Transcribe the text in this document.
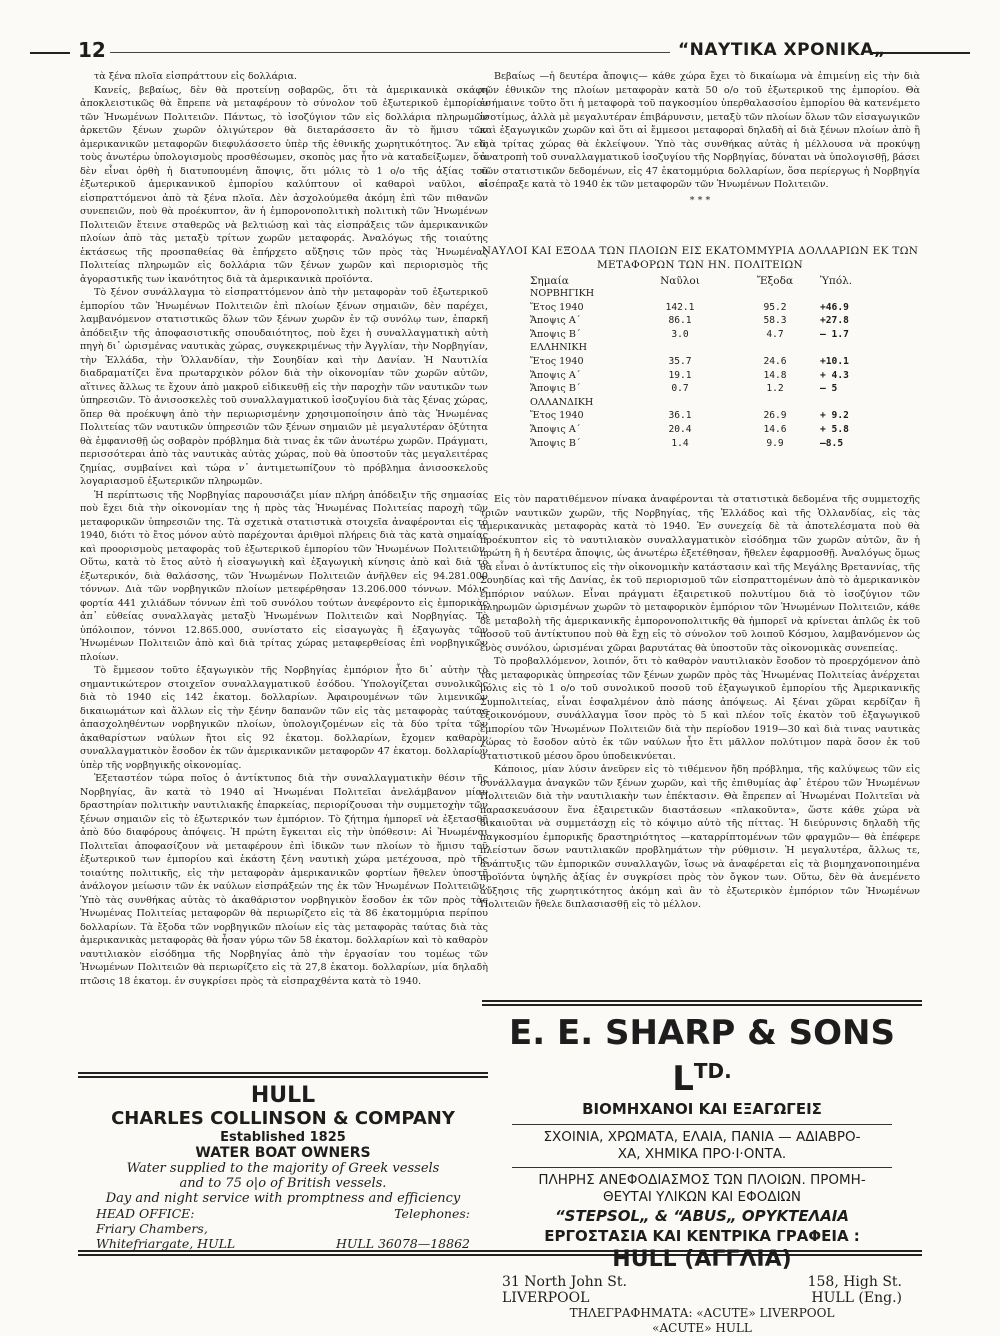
12	“ΝΑΥΤΙΚΑ ΧΡΟΝΙΚΑ„

τὰ ξένα πλοῖα εἰσπράττουν εἰς δολλάρια.

Κανείς, βεβαίως, δὲν θὰ προτείνῃ σοβαρῶς, ὅτι τὰ ἀμερικανικὰ σκάφη ἀποκλειστικῶς θὰ ἔπρεπε νὰ μεταφέρουν τὸ σύνολον τοῦ ἐξωτερικοῦ ἐμπορίου τῶν Ἡνωμένων Πολιτειῶν. Πάντως, τὸ ἰσοζύγιον τῶν εἰς δολλάρια πληρωμῶν ἀρκετῶν ξένων χωρῶν ὀλιγώτερον θὰ διεταράσσετο ἂν τὸ ἥμισυ τῶν ἀμερικανικῶν μεταφορῶν διεφυλάσσετο ὑπὲρ τῆς ἐθνικῆς χωρητικότητος. Ἂν εἰς τοὺς ἀνωτέρω ὑπολογισμοὺς προσθέσωμεν, σκοπὸς μας ἦτο νὰ καταδείξωμεν, ὅτι δὲν εἶναι ὀρθὴ ἡ διατυπουμένη ἄποψις, ὅτι μόλις τὸ 1 ο/ο τῆς ἀξίας τοῦ ἐξωτερικοῦ ἀμερικανικοῦ ἐμπορίου καλύπτουν οἱ καθαροὶ ναῦλοι, οἱ εἰσπραττόμενοι ἀπὸ τὰ ξένα πλοῖα. Δὲν ἀσχολούμεθα ἀκόμη ἐπὶ τῶν πιθανῶν συνεπειῶν, ποὺ θὰ προέκυπτον, ἂν ἡ ἐμπορονοπολιτικὴ πολιτικὴ τῶν Ἡνωμένων Πολιτειῶν ἔτεινε σταθερῶς νὰ βελτιώσῃ καὶ τὰς εἰσπράξεις τῶν ἀμερικανικῶν πλοίων ἀπὸ τὰς μεταξὺ τρίτων χωρῶν μεταφοράς. Ἀναλόγως τῆς τοιαύτης ἐκτάσεως τῆς προσπαθείας θὰ ἐπήρχετο αὔξησις τῶν πρὸς τὰς Ἡνωμένας Πολιτείας πληρωμῶν εἰς δολλάρια τῶν ξένων χωρῶν καὶ περιορισμὸς τῆς ἀγοραστικῆς των ἱκανότητος διὰ τὰ ἀμερικανικὰ προϊόντα.

Τὸ ξένον συνάλλαγμα τὸ εἰσπραττόμενον ἀπὸ τὴν μεταφορὰν τοῦ ἐξωτερικοῦ ἐμπορίου τῶν Ἡνωμένων Πολιτειῶν ἐπὶ πλοίων ξένων σημαιῶν, δὲν παρέχει, λαμβανόμενον στατιστικῶς ὅλων τῶν ξένων χωρῶν ἐν τῷ συνόλῳ των, ἐπαρκῆ ἀπόδειξιν τῆς ἀποφασιστικῆς σπουδαιότητος, ποὺ ἔχει ἡ συναλλαγματικὴ αὐτὴ πηγὴ δι᾽ ὡρισμένας ναυτικὰς χώρας, συγκεκριμένως τὴν Ἀγγλίαν, τὴν Νορβηγίαν, τὴν Ἑλλάδα, τὴν Ὁλλανδίαν, τὴν Σουηδίαν καὶ τὴν Δανίαν. Ἡ Ναυτιλία διαδραματίζει ἕνα πρωταρχικὸν ρόλον διὰ τὴν οἰκονομίαν τῶν χωρῶν αὐτῶν, αἵτινες ἄλλως τε ἔχουν ἀπὸ μακροῦ εἰδικευθῇ εἰς τὴν παροχὴν τῶν ναυτικῶν των ὑπηρεσιῶν. Τὸ ἀνισοσκελὲς τοῦ συναλλαγματικοῦ ἰσοζυγίου διὰ τὰς ξένας χώρας, ὅπερ θὰ προέκυψη ἀπὸ τὴν περιωρισμένην χρησιμοποίησιν ἀπὸ τὰς Ἡνωμένας Πολιτείας τῶν ναυτικῶν ὑπηρεσιῶν τῶν ξένων σημαιῶν μὲ μεγαλυτέραν ὀξύτητα θὰ ἐμφανισθῇ ὡς σοβαρὸν πρόβλημα διὰ τινας ἐκ τῶν ἀνωτέρω χωρῶν. Πράγματι, περισσότεραι ἀπὸ τὰς ναυτικὰς αὐτὰς χώρας, ποὺ θὰ ὑποστοῦν τὰς μεγαλειτέρας ζημίας, συμβαίνει καὶ τώρα ν᾽ ἀντιμετωπίζουν τὸ πρόβλημα ἀνισοσκελοῦς λογαριασμοῦ ἐξωτερικῶν πληρωμῶν.

Ἡ περίπτωσις τῆς Νορβηγίας παρουσιάζει μίαν πλήρη ἀπόδειξιν τῆς σημασίας ποὺ ἔχει διὰ τὴν οἰκονομίαν της ἡ πρὸς τὰς Ἡνωμένας Πολιτείας παροχὴ τῶν μεταφορικῶν ὑπηρεσιῶν της. Τὰ σχετικὰ στατιστικὰ στοιχεῖα ἀναφέρονται εἰς τὸ 1940, διότι τὸ ἔτος μόνον αὐτὸ παρέχονται ἀριθμοὶ πλήρεις διὰ τὰς κατὰ σημαίας καὶ προορισμοὺς μεταφορὰς τοῦ ἐξωτερικοῦ ἐμπορίου τῶν Ἡνωμένων Πολιτειῶν. Οὕτω, κατὰ τὸ ἔτος αὐτὸ ἡ εἰσαγωγικὴ καὶ ἐξαγωγικὴ κίνησις ἀπὸ καὶ διὰ τὸ ἐξωτερικόν, διὰ θαλάσσης, τῶν Ἡνωμένων Πολιτειῶν ἀνῆλθεν εἰς 94.281.000 τόννων. Διὰ τῶν νορβηγικῶν πλοίων μετεφέρθησαν 13.206.000 τόννων. Μόλις φορτία 441 χιλιάδων τόννων ἐπὶ τοῦ συνόλου τούτων ἀνεφέροντο εἰς ἐμπορικὰς ἀπ᾽ εὐθείας συναλλαγὰς μεταξὺ Ἡνωμένων Πολιτειῶν καὶ Νορβηγίας. Τὸ ὑπόλοιπον, τόννοι 12.865.000, συνίστατο εἰς εἰσαγωγὰς ἢ ἐξαγωγὰς τῶν Ἡνωμένων Πολιτειῶν ἀπὸ καὶ διὰ τρίτας χώρας μεταφερθείσας ἐπὶ νορβηγικῶν πλοίων.

Τὸ ἔμμεσον τοῦτο ἐξαγωγικὸν τῆς Νορβηγίας ἐμπόριον ἦτο δι᾽ αὐτὴν τὸ σημαντικώτερον στοιχεῖον συναλλαγματικοῦ ἐσόδου. Ὑπολογίζεται συνολικῶς διὰ τὸ 1940 εἰς 142 ἑκατομ. δολλαρίων. Ἀφαιρουμένων τῶν λιμενικῶν δικαιωμάτων καὶ ἄλλων εἰς τὴν ξένην δαπανῶν τῶν εἰς τὰς μεταφορὰς ταύτας ἀπασχοληθέντων νορβηγικῶν πλοίων, ὑπολογιζομένων εἰς τὰ δύο τρίτα τῶν ἀκαθαρίστων ναύλων ἤτοι εἰς 92 ἑκατομ. δολλαρίων, ἔχομεν καθαρὸν συναλλαγματικὸν ἔσοδον ἐκ τῶν ἀμερικανικῶν μεταφορῶν 47 ἑκατομ. δολλαρίων ὑπὲρ τῆς νορβηγικῆς οἰκονομίας.

Ἐξεταστέον τώρα ποῖος ὁ ἀντίκτυπος διὰ τὴν συναλλαγματικὴν θέσιν τῆς Νορβηγίας, ἂν κατὰ τὸ 1940 αἱ Ἡνωμέναι Πολιτεῖαι ἀνελάμβανον μίαν δραστηρίαν πολιτικὴν ναυτιλιακῆς ἐπαρκείας, περιορίζουσαι τὴν συμμετοχὴν τῶν ξένων σημαιῶν εἰς τὸ ἐξωτερικόν των ἐμπόριον. Τὸ ζήτημα ἠμπορεῖ νὰ ἐξετασθῇ ἀπὸ δύο διαφόρους ἀπόψεις. Ἡ πρώτη ἔγκειται εἰς τὴν ὑπόθεσιν: Αἱ Ἡνωμέναι Πολιτεῖαι ἀποφασίζουν νὰ μεταφέρουν ἐπὶ ἰδικῶν των πλοίων τὸ ἥμισυ τοῦ ἐξωτερικοῦ των ἐμπορίου καὶ ἑκάστη ξένη ναυτικὴ χώρα μετέχουσα, πρὸ τῆς τοιαύτης πολιτικῆς, εἰς τὴν μεταφορὰν ἀμερικανικῶν φορτίων ἤθελεν ὑποστῇ ἀνάλογον μείωσιν τῶν ἐκ ναύλων εἰσπράξεών της ἐκ τῶν Ἡνωμένων Πολιτειῶν. Ὑπὸ τὰς συνθήκας αὐτὰς τὸ ἀκαθάριστον νορβηγικὸν ἔσοδον ἐκ τῶν πρὸς τὰς Ἡνωμένας Πολιτείας μεταφορῶν θὰ περιωρίζετο εἰς τὰ 86 ἑκατομμύρια περίπου δολλαρίων. Τὰ ἔξοδα τῶν νορβηγικῶν πλοίων εἰς τὰς μεταφορὰς ταύτας διὰ τὰς ἀμερικανικὰς μεταφορὰς θὰ ἦσαν γύρω τῶν 58 ἑκατομ. δολλαρίων καὶ τὸ καθαρὸν ναυτιλιακὸν εἰσόδημα τῆς Νορβηγίας ἀπὸ τὴν ἐργασίαν του τομέως τῶν Ἡνωμένων Πολιτειῶν θὰ περιωρίζετο εἰς τὰ 27,8 ἑκατομ. δολλαρίων, μία δηλαδὴ πτῶσις 18 ἑκατομ. ἐν συγκρίσει πρὸς τὰ εἰσπραχθέντα κατὰ τὸ 1940.

Βεβαίως —ἡ δευτέρα ἄποψις— κάθε χώρα ἔχει τὸ δικαίωμα νὰ ἐπιμείνῃ εἰς τὴν διὰ τῶν ἐθνικῶν της πλοίων μεταφορὰν κατὰ 50 ο/ο τοῦ ἐξωτερικοῦ της ἐμπορίου. Θὰ ἐσήμαινε τοῦτο ὅτι ἡ μεταφορὰ τοῦ παγκοσμίου ὑπερθαλασσίου ἐμπορίου θὰ κατενέμετο ἰσοτίμως, ἀλλὰ μὲ μεγαλυτέραν ἐπιβάρυνσιν, μεταξὺ τῶν πλοίων ὅλων τῶν εἰσαγωγικῶν καὶ ἐξαγωγικῶν χωρῶν καὶ ὅτι αἱ ἔμμεσοι μεταφοραὶ δηλαδὴ αἱ διὰ ξένων πλοίων ἀπὸ ἢ διὰ τρίτας χώρας θὰ ἐκλείψουν. Ὑπὸ τὰς συνθήκας αὐτὰς ἡ μέλλουσα νὰ προκύψῃ ἀνατροπὴ τοῦ συναλλαγματικοῦ ἰσοζυγίου τῆς Νορβηγίας, δύναται νὰ ὑπολογισθῇ, βάσει τῶν στατιστικῶν δεδομένων, εἰς 47 ἑκατομμύρια δολλαρίων, ὅσα περίεργως ἡ Νορβηγία εἰσέπραξε κατὰ τὸ 1940 ἐκ τῶν μεταφορῶν τῶν Ἡνωμένων Πολιτειῶν.

* * *
ΝΑΥΛΟΙ ΚΑΙ ΕΞΟΔΑ ΤΩΝ ΠΛΟΙΩΝ ΕΙΣ ΕΚΑΤΟΜΜΥΡΙΑ ΔΟΛΛΑΡΙΩΝ ΕΚ ΤΩΝ ΜΕΤΑΦΟΡΩΝ ΤΩΝ ΗΝ. ΠΟΛΙΤΕΙΩΝ
Σημαία	Ναῦλοι	Ἔξοδα	Ὑπόλ.
ΝΟΡΒΗΓΙΚΗ
Ἔτος 1940	142.1	95.2	+46.9
Ἄποψις Α΄	86.1	58.3	+27.8
Ἄποψις Β΄	3.0	4.7	— 1.7
ΕΛΛΗΝΙΚΗ
Ἔτος 1940	35.7	24.6	+10.1
Ἄποψις Α΄	19.1	14.8	+ 4.3
Ἄποψις Β΄	0.7	1.2	— 5
ΟΛΛΑΝΔΙΚΗ
Ἔτος 1940	36.1	26.9	+ 9.2
Ἄποψις Α΄	20.4	14.6	+ 5.8
Ἄποψις Β΄	1.4	9.9	—8.5

Εἰς τὸν παρατιθέμενον πίνακα ἀναφέρονται τὰ στατιστικὰ δεδομένα τῆς συμμετοχῆς τριῶν ναυτικῶν χωρῶν, τῆς Νορβηγίας, τῆς Ἑλλάδος καὶ τῆς Ὁλλανδίας, εἰς τὰς ἀμερικανικὰς μεταφορὰς κατὰ τὸ 1940. Ἐν συνεχείᾳ δὲ τὰ ἀποτελέσματα ποὺ θὰ προέκυπτον εἰς τὸ ναυτιλιακὸν συναλλαγματικὸν εἰσόδημα τῶν χωρῶν αὐτῶν, ἂν ἡ πρώτη ἢ ἡ δευτέρα ἄποψις, ὡς ἀνωτέρω ἐξετέθησαν, ἤθελεν ἐφαρμοσθῇ. Ἀναλόγως ὅμως θὰ εἶναι ὁ ἀντίκτυπος εἰς τὴν οἰκονομικὴν κατάστασιν καὶ τῆς Μεγάλης Βρεταννίας, τῆς Σουηδίας καὶ τῆς Δανίας, ἐκ τοῦ περιορισμοῦ τῶν εἰσπραττομένων ἀπὸ τὸ ἀμερικανικὸν ἐμπόριον ναύλων. Εἶναι πράγματι ἐξαιρετικοῦ πολυτίμου διὰ τὸ ἰσοζύγιον τῶν πληρωμῶν ὡρισμένων χωρῶν τὸ μεταφορικὸν ἐμπόριον τῶν Ἡνωμένων Πολιτειῶν, κάθε δὲ μεταβολὴ τῆς ἀμερικανικῆς ἐμπορονοπολιτικῆς θὰ ἠμπορεῖ νὰ κρίνεται ἁπλῶς ἐκ τοῦ ποσοῦ τοῦ ἀντίκτυπου ποὺ θὰ ἔχῃ εἰς τὸ σύνολον τοῦ λοιποῦ Κόσμου, λαμβανόμενον ὡς ἑνὸς συνόλου, ὡρισμέναι χῶραι βαρυτάτας θὰ ὑποστοῦν τὰς οἰκονομικὰς συνεπείας.

Τὸ προβαλλόμενον, λοιπόν, ὅτι τὸ καθαρὸν ναυτιλιακὸν ἔσοδον τὸ προερχόμενον ἀπὸ τὰς μεταφορικὰς ὑπηρεσίας τῶν ξένων χωρῶν πρὸς τὰς Ἡνωμένας Πολιτείας ἀνέρχεται μόλις εἰς τὸ 1 ο/ο τοῦ συνολικοῦ ποσοῦ τοῦ ἐξαγωγικοῦ ἐμπορίου τῆς Ἀμερικανικῆς Συμπολιτείας, εἶναι ἐσφαλμένον ἀπὸ πάσης ἀπόψεως. Αἱ ξέναι χῶραι κερδίζαν ἢ ἐξοικονόμουν, συνάλλαγμα ἴσον πρὸς τὸ 5 καὶ πλέον τοῖς ἑκατὸν τοῦ ἐξαγωγικοῦ ἐμπορίου τῶν Ἡνωμένων Πολιτειῶν διὰ τὴν περίοδον 1919—30 καὶ διὰ τινας ναυτικὰς χώρας τὸ ἔσοδον αὐτὸ ἐκ τῶν ναύλων ἦτο ἔτι μᾶλλον πολύτιμον παρὰ ὅσον ἐκ τοῦ στατιστικοῦ μέσου ὅρου ὑποδεικνύεται.

Κάποιος, μίαν λύσιν ἀνεῦρεν εἰς τὸ τιθέμενον ἤδη πρόβλημα, τῆς καλύψεως τῶν εἰς συνάλλαγμα ἀναγκῶν τῶν ξένων χωρῶν, καὶ τῆς ἐπιθυμίας ἀφ᾽ ἑτέρου τῶν Ἡνωμένων Πολιτειῶν διὰ τὴν ναυτιλιακὴν των ἐπέκτασιν. Θὰ ἔπρεπεν αἱ Ἡνωμέναι Πολιτεῖαι νὰ παρασκευάσουν ἕνα ἐξαιρετικῶν διαστάσεων «πλακοῦντα», ὥστε κάθε χώρα νὰ δικαιοῦται νὰ συμμετάσχῃ εἰς τὸ κόψιμο αὐτὸ τῆς πίττας. Ἡ διεύρυνσις δηλαδὴ τῆς παγκοσμίου ἐμπορικῆς δραστηριότητος —καταρρίπτομένων τῶν φραγμῶν— θὰ ἐπέφερε πλείστων ὅσων ναυτιλιακῶν προβλημάτων τὴν ρύθμισιν. Ἡ μεγαλυτέρα, ἄλλως τε, ἀνάπτυξις τῶν ἐμπορικῶν συναλλαγῶν, ἴσως νὰ ἀναφέρεται εἰς τὰ βιομηχανοποιημένα προϊόντα ὑψηλῆς ἀξίας ἐν συγκρίσει πρὸς τὸν ὄγκον των. Οὕτω, δὲν θὰ ἀνεμένετο αὔξησις τῆς χωρητικότητος ἀκόμη καὶ ἂν τὸ ἐξωτερικὸν ἐμπόριον τῶν Ἡνωμένων Πολιτειῶν ἤθελε διπλασιασθῇ εἰς τὸ μέλλον.

HULL
CHARLES COLLINSON & COMPANY
Established 1825
WATER BOAT OWNERS
Water supplied to the majority of Greek vessels
and to 75 o|o of British vessels.
Day and night service with promptness and efficiency
HEAD OFFICE:	Telephones:
Friary Chambers,
Whitefriargate, HULL	HULL 36078—18862
E. E. SHARP & SONS $L^{TD.}$
ΒΙΟΜΗΧΑΝΟΙ ΚΑΙ ΕΞΑΓΩΓΕΙΣ
ΣΧΟΙΝΙΑ, ΧΡΩΜΑΤΑ, ΕΛΑΙΑ, ΠΑΝΙΑ — ΑΔΙΑΒΡΟ-
ΧΑ, ΧΗΜΙΚΑ ΠΡΟ·Ι·ΟΝΤΑ.
ΠΛΗΡΗΣ ΑΝΕΦΟΔΙΑΣΜΟΣ ΤΩΝ ΠΛΟΙΩΝ. ΠΡΟΜΗ-
ΘΕΥΤΑΙ ΥΛΙΚΩΝ ΚΑΙ ΕΦΟΔΙΩΝ
“STEPSOL„ & “ABUS„ ΟΡΥΚΤΕΛΑΙΑ
ΕΡΓΟΣΤΑΣΙΑ ΚΑΙ ΚΕΝΤΡΙΚΑ ΓΡΑΦΕΙΑ :
HULL (ΑΓΓΛΙΑ)
31 North John St.	158, High St.
LIVERPOOL	HULL (Eng.)
ΤΗΛΕΓΡΑΦΗΜΑΤΑ: «ACUTE» LIVERPOOL
«ACUTE» HULL
